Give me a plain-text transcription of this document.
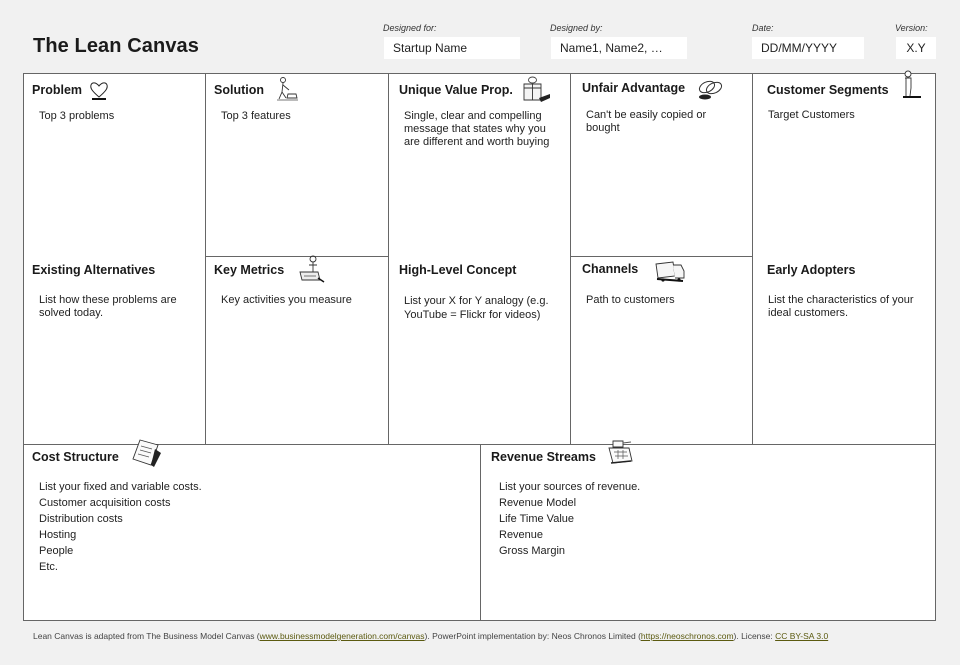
The Lean Canvas
Designed for:
Startup Name
Designed by:
Name1, Name2, …
Date:
DD/MM/YYYY
Version:
X.Y
Problem
Top 3 problems
Existing Alternatives
List how these problems are solved today.
Solution
Top 3 features
Key Metrics
Key activities you measure
Unique Value Prop.
Single, clear and compelling message that states why you are different and worth buying
High-Level Concept
List your X for Y analogy (e.g. YouTube = Flickr for videos)
Unfair Advantage
Can't be easily copied or bought
Channels
Path to customers
Customer Segments
Target Customers
Early Adopters
List the characteristics of your ideal customers.
Cost Structure
List your fixed and variable costs.
Customer acquisition costs
Distribution costs
Hosting
People
Etc.
Revenue Streams
List your sources of revenue.
Revenue Model
Life Time Value
Revenue
Gross Margin
Lean Canvas is adapted from The Business Model Canvas (www.businessmodelgeneration.com/canvas). PowerPoint implementation by: Neos Chronos Limited (https://neoschronos.com). License: CC BY-SA 3.0
